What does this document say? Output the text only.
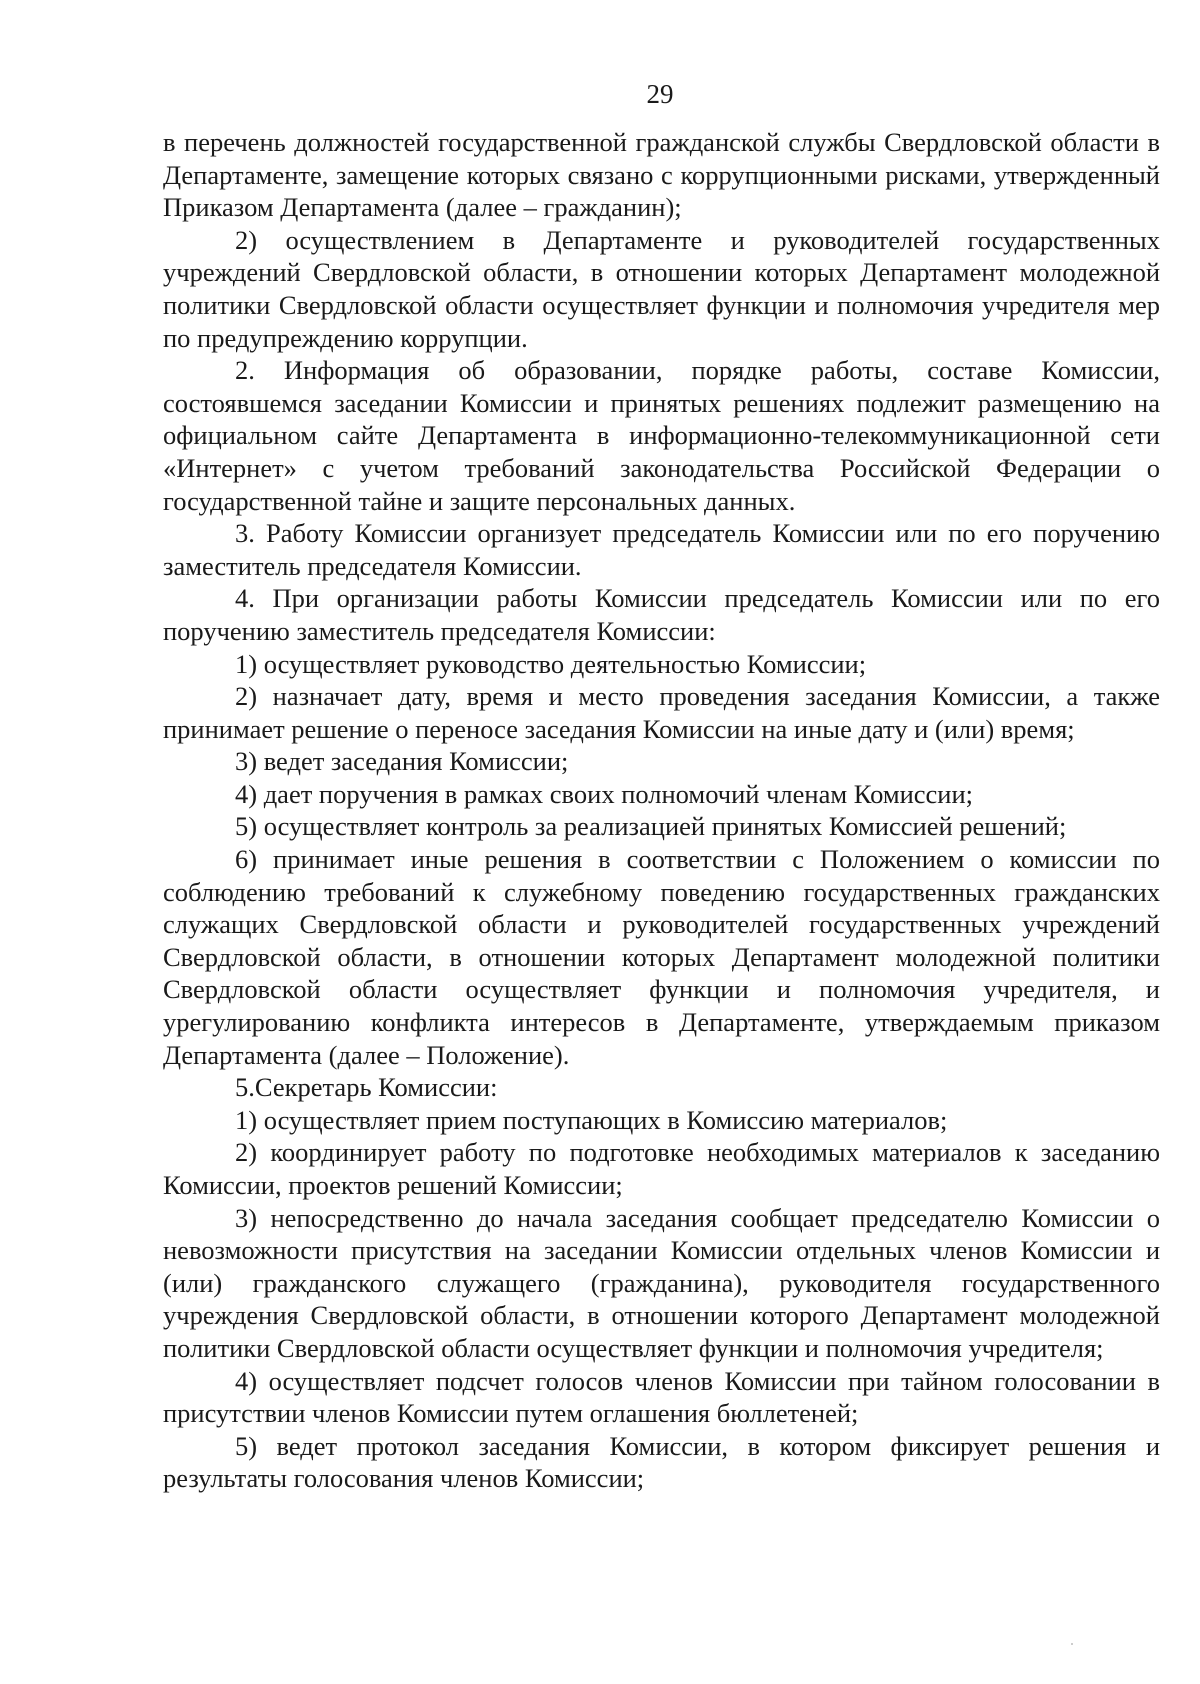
29

в перечень должностей государственной гражданской службы Свердловской области в Департаменте, замещение которых связано с коррупционными рисками, утвержденный Приказом Департамента (далее – гражданин);

2) осуществлением в Департаменте и руководителей государственных учреждений Свердловской области, в отношении которых Департамент молодежной политики Свердловской области осуществляет функции и полномочия учредителя мер по предупреждению коррупции.

2. Информация об образовании, порядке работы, составе Комиссии, состоявшемся заседании Комиссии и принятых решениях подлежит размещению на официальном сайте Департамента в информационно-телекоммуникационной сети «Интернет» с учетом требований законодательства Российской Федерации о государственной тайне и защите персональных данных.

3. Работу Комиссии организует председатель Комиссии или по его поручению заместитель председателя Комиссии.

4. При организации работы Комиссии председатель Комиссии или по его поручению заместитель председателя Комиссии:

1) осуществляет руководство деятельностью Комиссии;

2) назначает дату, время и место проведения заседания Комиссии, а также принимает решение о переносе заседания Комиссии на иные дату и (или) время;

3) ведет заседания Комиссии;

4) дает поручения в рамках своих полномочий членам Комиссии;

5) осуществляет контроль за реализацией принятых Комиссией решений;

6) принимает иные решения в соответствии с Положением о комиссии по соблюдению требований к служебному поведению государственных гражданских служащих Свердловской области и руководителей государственных учреждений Свердловской области, в отношении которых Департамент молодежной политики Свердловской области осуществляет функции и полномочия учредителя, и урегулированию конфликта интересов в Департаменте, утверждаемым приказом Департамента (далее – Положение).

5.Секретарь Комиссии:

1) осуществляет прием поступающих в Комиссию материалов;

2) координирует работу по подготовке необходимых материалов к заседанию Комиссии, проектов решений Комиссии;

3) непосредственно до начала заседания сообщает председателю Комиссии о невозможности присутствия на заседании Комиссии отдельных членов Комиссии и (или) гражданского служащего (гражданина), руководителя государственного учреждения Свердловской области, в отношении которого Департамент молодежной политики Свердловской области осуществляет функции и полномочия учредителя;

4) осуществляет подсчет голосов членов Комиссии при тайном голосовании в присутствии членов Комиссии путем оглашения бюллетеней;

5) ведет протокол заседания Комиссии, в котором фиксирует решения и результаты голосования членов Комиссии;
